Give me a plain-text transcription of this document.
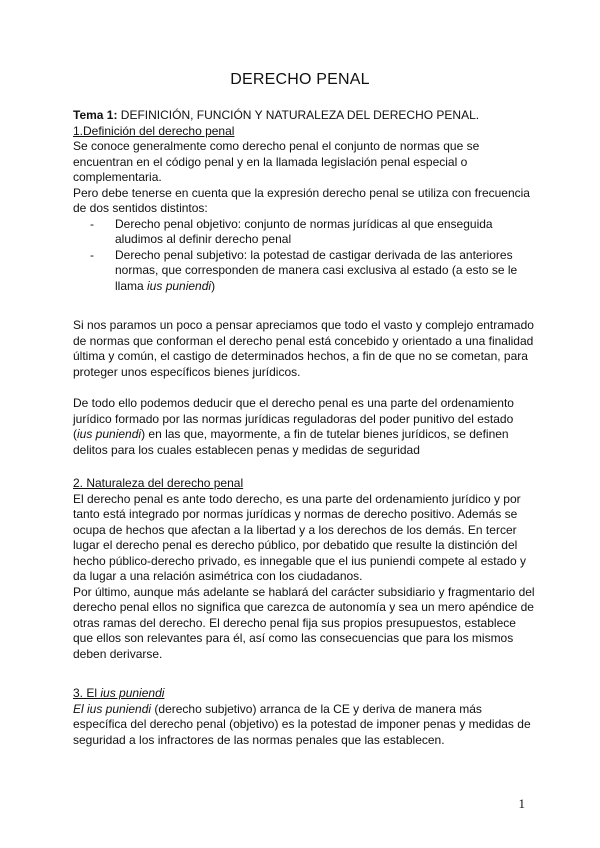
DERECHO PENAL

Tema 1: DEFINICIÓN, FUNCIÓN Y NATURALEZA DEL DERECHO PENAL.

1.Definición del derecho penal

Se conoce generalmente como derecho penal el conjunto de normas que se encuentran en el código penal y en la llamada legislación penal especial o complementaria.

Pero debe tenerse en cuenta que la expresión derecho penal se utiliza con frecuencia de dos sentidos distintos:

- Derecho penal objetivo: conjunto de normas jurídicas al que enseguida aludimos al definir derecho penal
- Derecho penal subjetivo: la potestad de castigar derivada de las anteriores normas, que corresponden de manera casi exclusiva al estado (a esto se le llama ius puniendi)

Si nos paramos un poco a pensar apreciamos que todo el vasto y complejo entramado de normas que conforman el derecho penal está concebido y orientado a una finalidad última y común, el castigo de determinados hechos, a fin de que no se cometan, para proteger unos específicos bienes jurídicos.

De todo ello podemos deducir que el derecho penal es una parte del ordenamiento jurídico formado por las normas jurídicas reguladoras del poder punitivo del estado (ius puniendi) en las que, mayormente, a fin de tutelar bienes jurídicos, se definen delitos para los cuales establecen penas y medidas de seguridad

2. Naturaleza del derecho penal

El derecho penal es ante todo derecho, es una parte del ordenamiento jurídico y por tanto está integrado por normas jurídicas y normas de derecho positivo. Además se ocupa de hechos que afectan a la libertad y a los derechos de los demás. En tercer lugar el derecho penal es derecho público, por debatido que resulte la distinción del hecho público-derecho privado, es innegable que el ius puniendi compete al estado y da lugar a una relación asimétrica con los ciudadanos.

Por último, aunque más adelante se hablará del carácter subsidiario y fragmentario del derecho penal ellos no significa que carezca de autonomía y sea un mero apéndice de otras ramas del derecho. El derecho penal fija sus propios presupuestos, establece que ellos son relevantes para él, así como las consecuencias que para los mismos deben derivarse.

3. El ius puniendi

El ius puniendi (derecho subjetivo) arranca de la CE y deriva de manera más específica del derecho penal (objetivo) es la potestad de imponer penas y medidas de seguridad a los infractores de las normas penales que las establecen.

1
